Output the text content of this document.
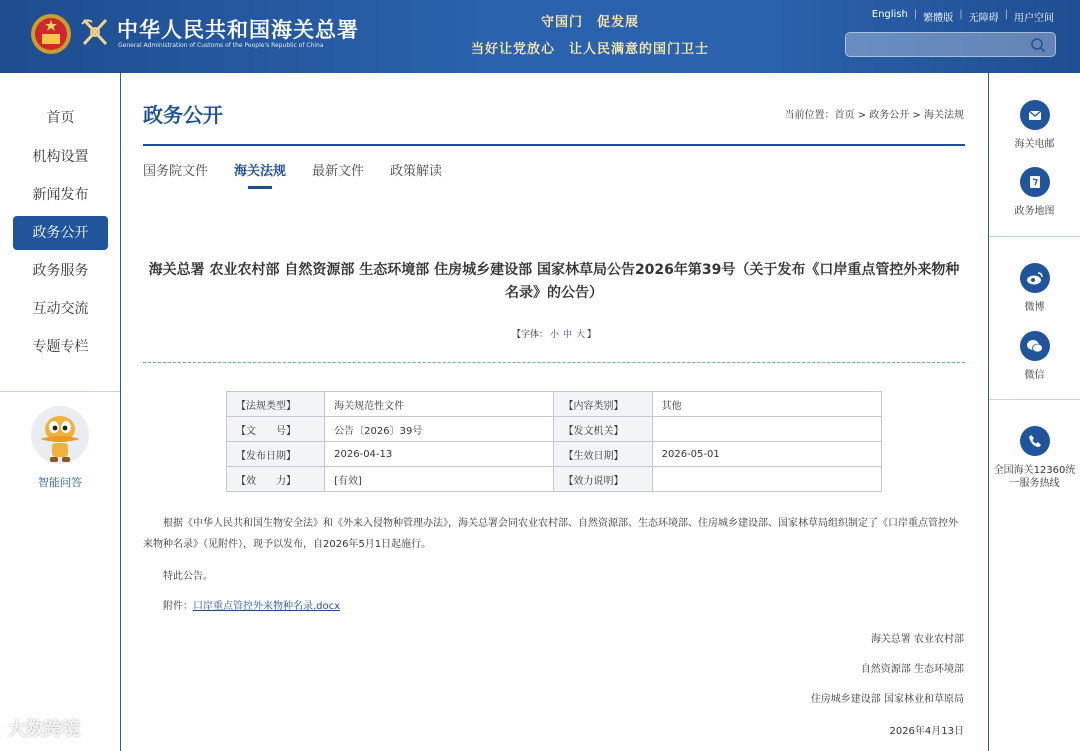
中华人民共和国海关总署
General Administration of Customs of the People's Republic of China
守国门　促发展
当好让党放心　让人民满意的国门卫士
English | 繁體版 | 无障碍 | 用户空间
首页
机构设置
新闻发布
政务公开
政务服务
互动交流
专题专栏
智能问答
政务公开	当前位置：首页 > 政务公开 > 海关法规
国务院文件 海关法规 最新文件 政策解读
海关总署 农业农村部 自然资源部 生态环境部 住房城乡建设部 国家林草局公告2026年第39号（关于发布《口岸重点管控外来物种名录》的公告）
【字体： 小 中 大 】
【法规类型】	海关规范性文件	【内容类别】	其他
【文　　号】	公告〔2026〕39号	【发文机关】	
【发布日期】	2026-04-13	【生效日期】	2026-05-01
【效　　力】	[有效]	【效力说明】	
根据《中华人民共和国生物安全法》和《外来入侵物种管理办法》，海关总署会同农业农村部、自然资源部、生态环境部、住房城乡建设部、国家林草局组织制定了《口岸重点管控外来物种名录》（见附件），现予以发布，自2026年5月1日起施行。
特此公告。
附件：口岸重点管控外来物种名录.docx
海关总署 农业农村部
自然资源部 生态环境部
住房城乡建设部 国家林业和草原局
2026年4月13日
海关电邮
政务地图
微博
微信
全国海关12360统一服务热线
大数跨境
